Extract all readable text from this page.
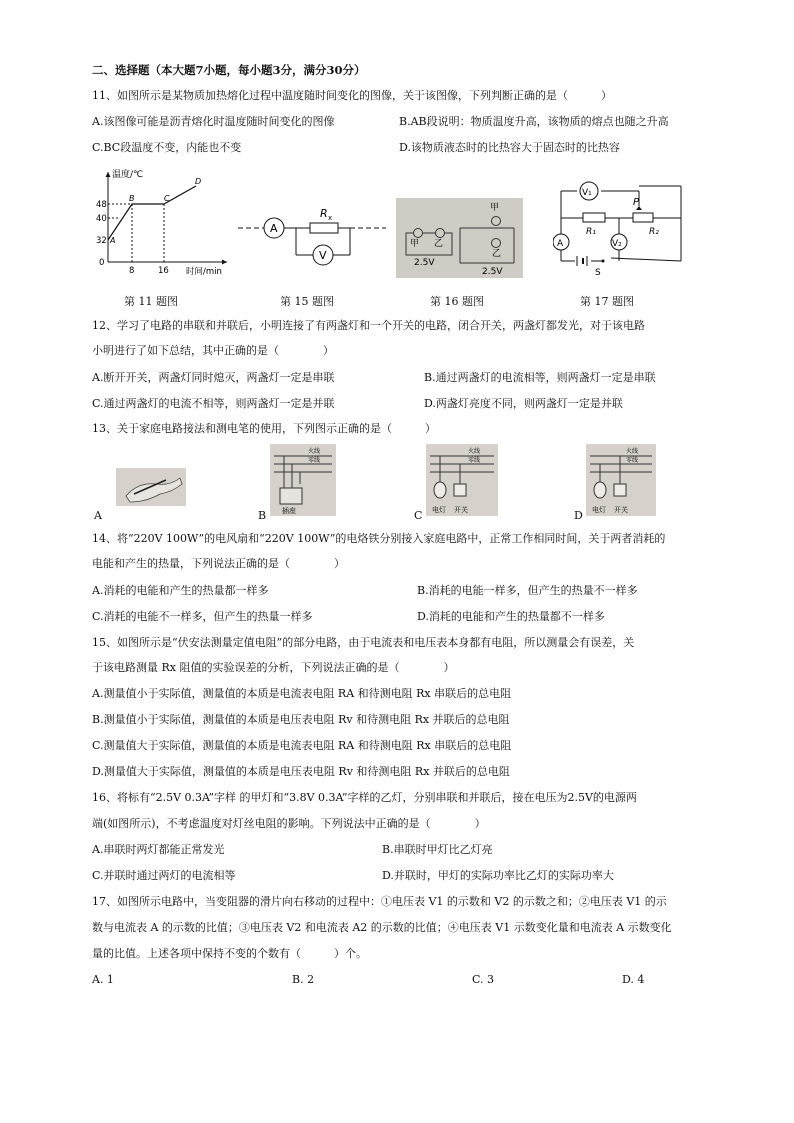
二、选择题（本大题7小题，每小题3分，满分30分）
11、如图所示是某物质加热熔化过程中温度随时间变化的图像，关于该图像，下列判断正确的是（　　　）
A.该图像可能是沥青熔化时温度随时间变化的图像	B.AB段说明：物质温度升高，该物质的熔点也随之升高
C.BC段温度不变，内能也不变	D.该物质液态时的比热容大于固态时的比热容
温度/℃
时间/min
48
40
32
0
8	16
A
B	C
D
A
R x
V
甲 乙
甲
乙
2.5V
2.5V
V₁
R₁
P
R₂
A	V₂
S
第 11 题图	第 15 题图	第 16 题图	第 17 题图
12、学习了电路的串联和并联后，小明连接了有两盏灯和一个开关的电路，闭合开关，两盏灯都发光，对于该电路
小明进行了如下总结，其中正确的是（　　　　）
A.断开开关，两盏灯同时熄灭，两盏灯一定是串联	B.通过两盏灯的电流相等，则两盏灯一定是串联
C.通过两盏灯的电流不相等，则两盏灯一定是并联	D.两盏灯亮度不同，则两盏灯一定是并联
13、关于家庭电路接法和测电笔的使用，下列图示正确的是（　　　）
A
火线
零线
插座
B
火线
零线
电灯 开关
C
火线
零线
电灯 开关
D
14、将“220V 100W”的电风扇和“220V 100W”的电烙铁分别接入家庭电路中，正常工作相同时间，关于两者消耗的
电能和产生的热量，下列说法正确的是（　　　　）
A.消耗的电能和产生的热量都一样多	B.消耗的电能一样多，但产生的热量不一样多
C.消耗的电能不一样多，但产生的热量一样多	D.消耗的电能和产生的热量都不一样多
15、如图所示是“伏安法测量定值电阻”的部分电路，由于电流表和电压表本身都有电阻，所以测量会有误差，关
于该电路测量 Rx 阻值的实验误差的分析，下列说法正确的是（　　　　）
A.测量值小于实际值，测量值的本质是电流表电阻 RA 和待测电阻 Rx 串联后的总电阻
B.测量值小于实际值，测量值的本质是电压表电阻 Rv 和待测电阻 Rx 并联后的总电阻
C.测量值大于实际值，测量值的本质是电流表电阻 RA 和待测电阻 Rx 串联后的总电阻
D.测量值大于实际值，测量值的本质是电压表电阻 Rv 和待测电阻 Rx 并联后的总电阻
16、将标有“2.5V 0.3A”字样 的甲灯和“3.8V 0.3A”字样的乙灯，分别串联和并联后，接在电压为2.5V的电源两
端(如图所示)，不考虑温度对灯丝电阻的影响。下列说法中正确的是（　　　　）
A.串联时两灯都能正常发光	B.串联时甲灯比乙灯亮
C.并联时通过两灯的电流相等	D.并联时，甲灯的实际功率比乙灯的实际功率大
17、如图所示电路中，当变阻器的滑片向右移动的过程中：①电压表 V1 的示数和 V2 的示数之和；②电压表 V1 的示
数与电流表 A 的示数的比值；③电压表 V2 和电流表 A2 的示数的比值；④电压表 V1 示数变化量和电流表 A 示数变化
量的比值。上述各项中保持不变的个数有（　　　）个。
A. 1	B. 2	C. 3	D. 4
